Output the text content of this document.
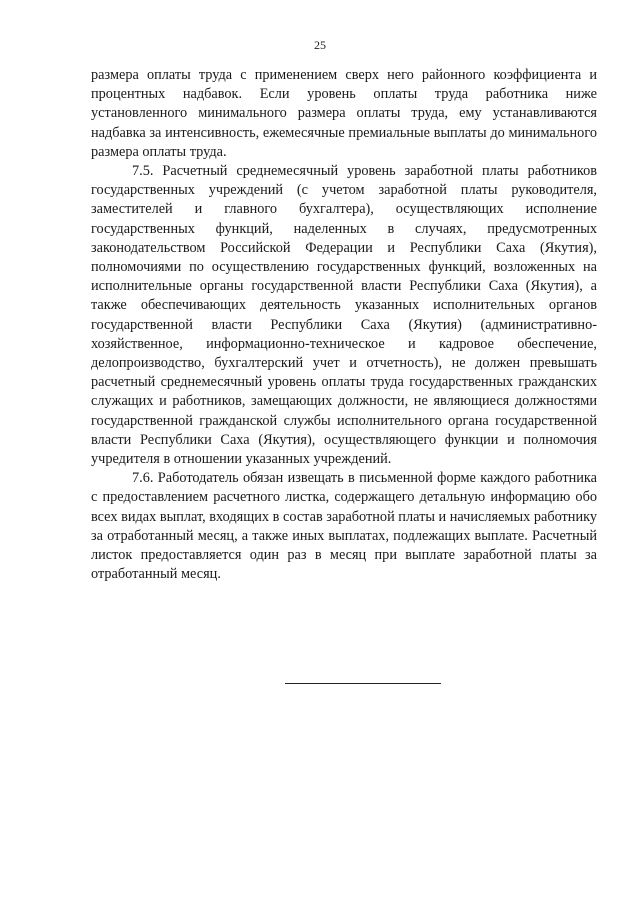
25

размера оплаты труда с применением сверх него районного коэффициента и процентных надбавок. Если уровень оплаты труда работника ниже установленного минимального размера оплаты труда, ему устанавливаются надбавка за интенсивность, ежемесячные премиальные выплаты до минимального размера оплаты труда.

7.5. Расчетный среднемесячный уровень заработной платы работников государственных учреждений (с учетом заработной платы руководителя, заместителей и главного бухгалтера), осуществляющих исполнение государственных функций, наделенных в случаях, предусмотренных законодательством Российской Федерации и Республики Саха (Якутия), полномочиями по осуществлению государственных функций, возложенных на исполнительные органы государственной власти Республики Саха (Якутия), а также обеспечивающих деятельность указанных исполнительных органов государственной власти Республики Саха (Якутия) (административно-хозяйственное, информационно-техническое и кадровое обеспечение, делопроизводство, бухгалтерский учет и отчетность), не должен превышать расчетный среднемесячный уровень оплаты труда государственных гражданских служащих и работников, замещающих должности, не являющиеся должностями государственной гражданской службы исполнительного органа государственной власти Республики Саха (Якутия), осуществляющего функции и полномочия учредителя в отношении указанных учреждений.

7.6. Работодатель обязан извещать в письменной форме каждого работника с предоставлением расчетного листка, содержащего детальную информацию обо всех видах выплат, входящих в состав заработной платы и начисляемых работнику за отработанный месяц, а также иных выплатах, подлежащих выплате. Расчетный листок предоставляется один раз в месяц при выплате заработной платы за отработанный месяц.
